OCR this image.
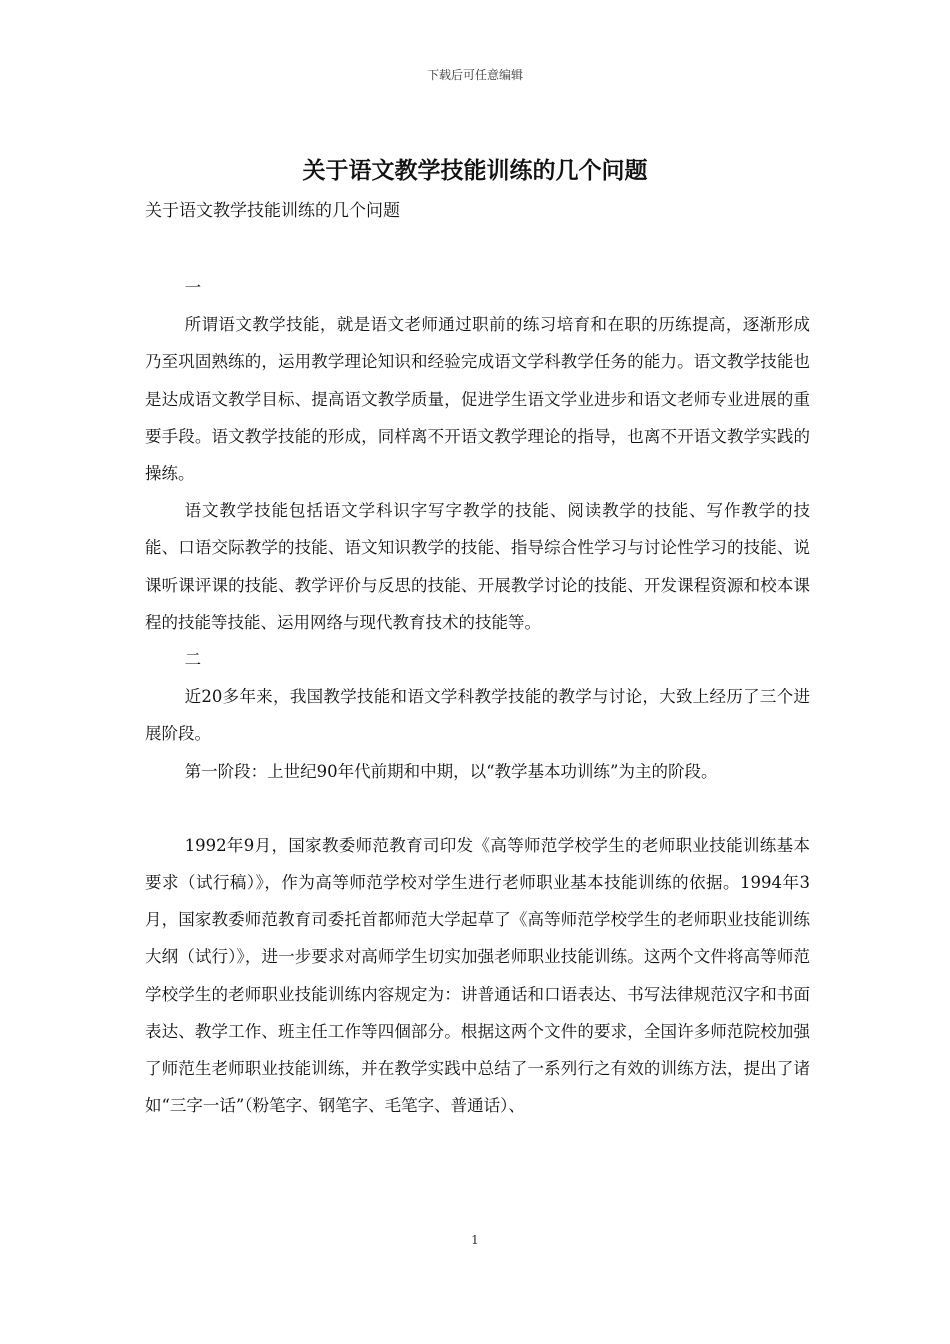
下载后可任意编辑
关于语文教学技能训练的几个问题

关于语文教学技能训练的几个问题

一

所谓语文教学技能，就是语文老师通过职前的练习培育和在职的历练提高，逐渐形成乃至巩固熟练的，运用教学理论知识和经验完成语文学科教学任务的能力。语文教学技能也是达成语文教学目标、提高语文教学质量，促进学生语文学业进步和语文老师专业进展的重要手段。语文教学技能的形成，同样离不开语文教学理论的指导，也离不开语文教学实践的操练。

语文教学技能包括语文学科识字写字教学的技能、阅读教学的技能、写作教学的技能、口语交际教学的技能、语文知识教学的技能、指导综合性学习与讨论性学习的技能、说课听课评课的技能、教学评价与反思的技能、开展教学讨论的技能、开发课程资源和校本课程的技能等技能、运用网络与现代教育技术的技能等。

二

近20多年来，我国教学技能和语文学科教学技能的教学与讨论，大致上经历了三个进展阶段。

第一阶段：上世纪90年代前期和中期，以“教学基本功训练”为主的阶段。

1992年9月，国家教委师范教育司印发《高等师范学校学生的老师职业技能训练基本要求（试行稿）》，作为高等师范学校对学生进行老师职业基本技能训练的依据。1994年3月，国家教委师范教育司委托首都师范大学起草了《高等师范学校学生的老师职业技能训练大纲（试行）》，进一步要求对高师学生切实加强老师职业技能训练。这两个文件将高等师范学校学生的老师职业技能训练内容规定为：讲普通话和口语表达、书写法律规范汉字和书面表达、教学工作、班主任工作等四個部分。根据这两个文件的要求，全国许多师范院校加强了师范生老师职业技能训练，并在教学实践中总结了一系列行之有效的训练方法，提出了诸如“三字一话”（粉笔字、钢笔字、毛笔字、普通话）、

1
